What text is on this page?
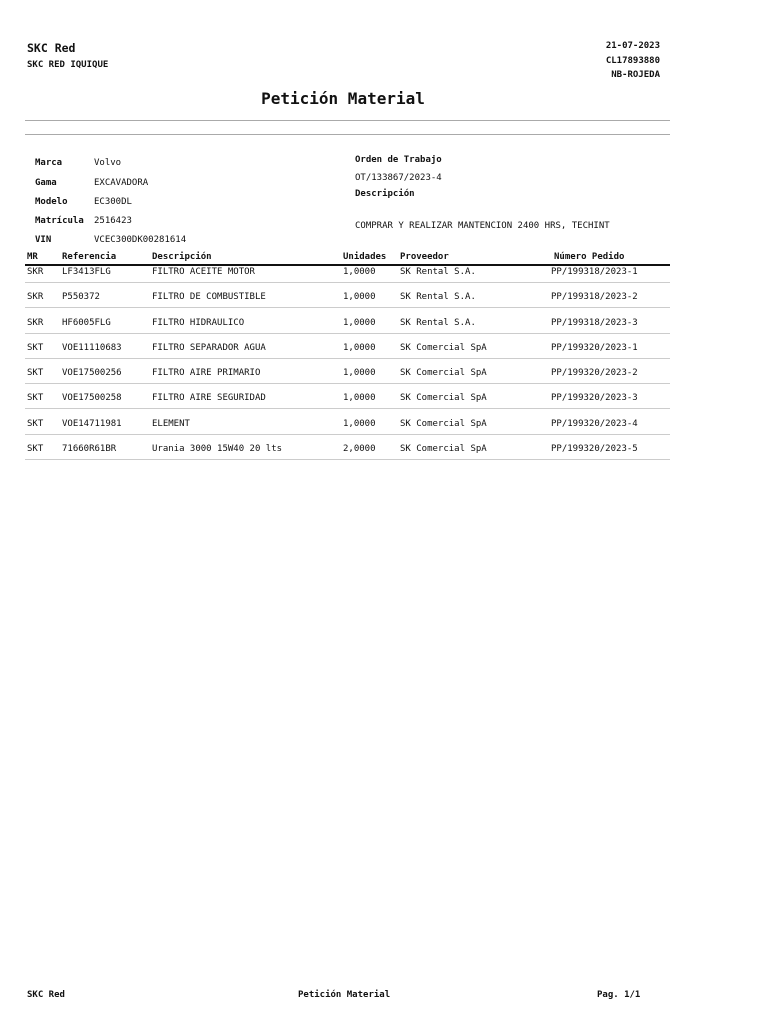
SKC Red
SKC RED IQUIQUE
21-07-2023
CL17893880
NB-ROJEDA
Petición Material
Marca	Volvo
Gama	EXCAVADORA
Modelo	EC300DL
Matrícula 2516423
VIN	VCEC300DK00281614
Orden de Trabajo
OT/133867/2023-4
Descripción
COMPRAR Y REALIZAR MANTENCION 2400 HRS, TECHINT
MR	Referencia	Descripción	Unidades Proveedor	Número Pedido
SKR LF3413FLG	FILTRO ACEITE MOTOR	1,0000	SK Rental S.A.	PP/199318/2023-1
SKR P550372	FILTRO DE COMBUSTIBLE	1,0000	SK Rental S.A.	PP/199318/2023-2
SKR HF6005FLG	FILTRO HIDRAULICO	1,0000	SK Rental S.A.	PP/199318/2023-3
SKT VOE11110683	FILTRO SEPARADOR AGUA	1,0000	SK Comercial SpA	PP/199320/2023-1
SKT VOE17500256	FILTRO AIRE PRIMARIO	1,0000	SK Comercial SpA	PP/199320/2023-2
SKT VOE17500258	FILTRO AIRE SEGURIDAD	1,0000	SK Comercial SpA	PP/199320/2023-3
SKT VOE14711981	ELEMENT	1,0000	SK Comercial SpA	PP/199320/2023-4
SKT 71660R61BR	Urania 3000 15W40 20 lts	2,0000	SK Comercial SpA	PP/199320/2023-5
SKC Red	Petición Material	Pag. 1/1
